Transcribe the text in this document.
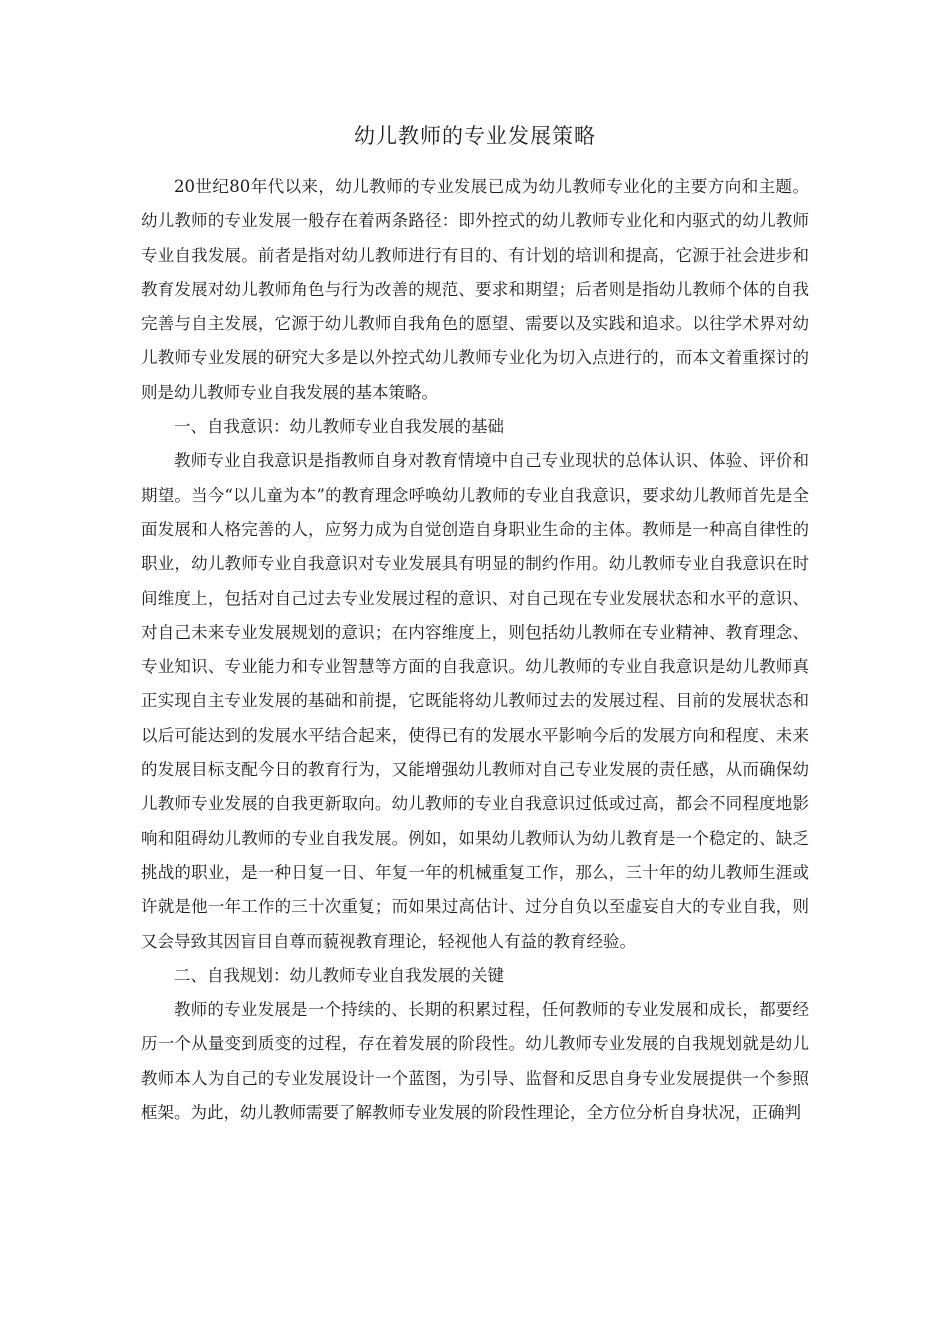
幼儿教师的专业发展策略

20世纪80年代以来，幼儿教师的专业发展已成为幼儿教师专业化的主要方向和主题。幼儿教师的专业发展一般存在着两条路径：即外控式的幼儿教师专业化和内驱式的幼儿教师专业自我发展。前者是指对幼儿教师进行有目的、有计划的培训和提高，它源于社会进步和教育发展对幼儿教师角色与行为改善的规范、要求和期望；后者则是指幼儿教师个体的自我完善与自主发展，它源于幼儿教师自我角色的愿望、需要以及实践和追求。以往学术界对幼儿教师专业发展的研究大多是以外控式幼儿教师专业化为切入点进行的，而本文着重探讨的则是幼儿教师专业自我发展的基本策略。

一、自我意识：幼儿教师专业自我发展的基础

教师专业自我意识是指教师自身对教育情境中自己专业现状的总体认识、体验、评价和期望。当今“以儿童为本”的教育理念呼唤幼儿教师的专业自我意识，要求幼儿教师首先是全面发展和人格完善的人，应努力成为自觉创造自身职业生命的主体。教师是一种高自律性的职业，幼儿教师专业自我意识对专业发展具有明显的制约作用。幼儿教师专业自我意识在时间维度上，包括对自己过去专业发展过程的意识、对自己现在专业发展状态和水平的意识、对自己未来专业发展规划的意识；在内容维度上，则包括幼儿教师在专业精神、教育理念、专业知识、专业能力和专业智慧等方面的自我意识。幼儿教师的专业自我意识是幼儿教师真正实现自主专业发展的基础和前提，它既能将幼儿教师过去的发展过程、目前的发展状态和以后可能达到的发展水平结合起来，使得已有的发展水平影响今后的发展方向和程度、未来的发展目标支配今日的教育行为，又能增强幼儿教师对自己专业发展的责任感，从而确保幼儿教师专业发展的自我更新取向。幼儿教师的专业自我意识过低或过高，都会不同程度地影响和阻碍幼儿教师的专业自我发展。例如，如果幼儿教师认为幼儿教育是一个稳定的、缺乏挑战的职业，是一种日复一日、年复一年的机械重复工作，那么，三十年的幼儿教师生涯或许就是他一年工作的三十次重复；而如果过高估计、过分自负以至虚妄自大的专业自我，则又会导致其因盲目自尊而藐视教育理论，轻视他人有益的教育经验。

二、自我规划：幼儿教师专业自我发展的关键

教师的专业发展是一个持续的、长期的积累过程，任何教师的专业发展和成长，都要经历一个从量变到质变的过程，存在着发展的阶段性。幼儿教师专业发展的自我规划就是幼儿教师本人为自己的专业发展设计一个蓝图，为引导、监督和反思自身专业发展提供一个参照框架。为此，幼儿教师需要了解教师专业发展的阶段性理论，全方位分析自身状况，正确判
